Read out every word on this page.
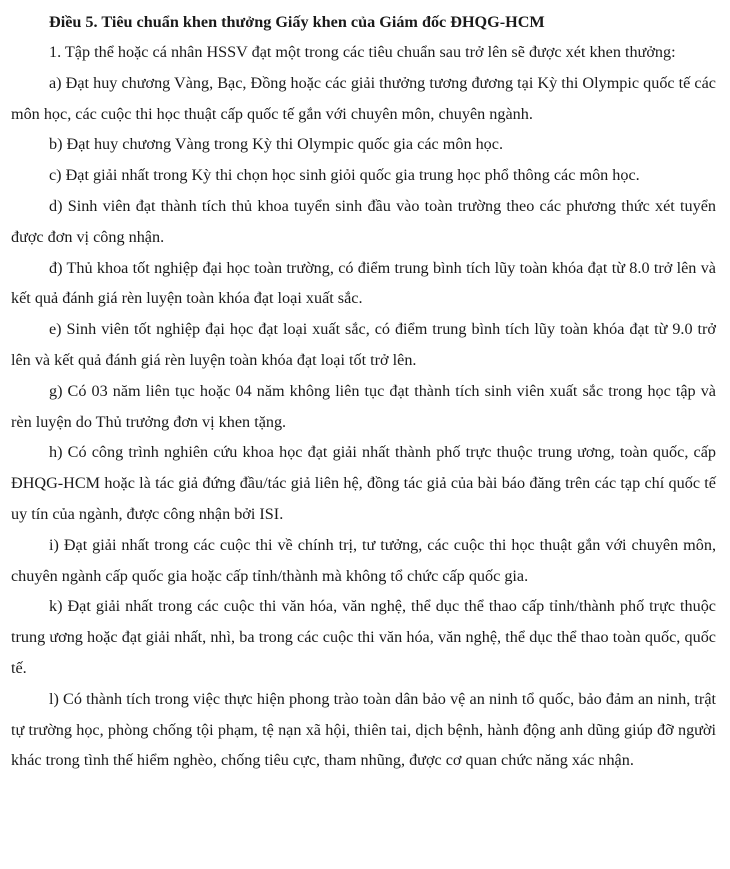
Điều 5. Tiêu chuẩn khen thưởng Giấy khen của Giám đốc ĐHQG-HCM

1. Tập thể hoặc cá nhân HSSV đạt một trong các tiêu chuẩn sau trở lên sẽ được xét khen thưởng:

a) Đạt huy chương Vàng, Bạc, Đồng hoặc các giải thưởng tương đương tại Kỳ thi Olympic quốc tế các môn học, các cuộc thi học thuật cấp quốc tế gắn với chuyên môn, chuyên ngành.

b) Đạt huy chương Vàng trong Kỳ thi Olympic quốc gia các môn học.

c) Đạt giải nhất trong Kỳ thi chọn học sinh giỏi quốc gia trung học phổ thông các môn học.

d) Sinh viên đạt thành tích thủ khoa tuyển sinh đầu vào toàn trường theo các phương thức xét tuyển được đơn vị công nhận.

đ) Thủ khoa tốt nghiệp đại học toàn trường, có điểm trung bình tích lũy toàn khóa đạt từ 8.0 trở lên và kết quả đánh giá rèn luyện toàn khóa đạt loại xuất sắc.

e) Sinh viên tốt nghiệp đại học đạt loại xuất sắc, có điểm trung bình tích lũy toàn khóa đạt từ 9.0 trở lên và kết quả đánh giá rèn luyện toàn khóa đạt loại tốt trở lên.

g) Có 03 năm liên tục hoặc 04 năm không liên tục đạt thành tích sinh viên xuất sắc trong học tập và rèn luyện do Thủ trưởng đơn vị khen tặng.

h) Có công trình nghiên cứu khoa học đạt giải nhất thành phố trực thuộc trung ương, toàn quốc, cấp ĐHQG-HCM hoặc là tác giả đứng đầu/tác giả liên hệ, đồng tác giả của bài báo đăng trên các tạp chí quốc tế uy tín của ngành, được công nhận bởi ISI.

i) Đạt giải nhất trong các cuộc thi về chính trị, tư tưởng, các cuộc thi học thuật gắn với chuyên môn, chuyên ngành cấp quốc gia hoặc cấp tỉnh/thành mà không tổ chức cấp quốc gia.

k) Đạt giải nhất trong các cuộc thi văn hóa, văn nghệ, thể dục thể thao cấp tỉnh/thành phố trực thuộc trung ương hoặc đạt giải nhất, nhì, ba trong các cuộc thi văn hóa, văn nghệ, thể dục thể thao toàn quốc, quốc tế.

l) Có thành tích trong việc thực hiện phong trào toàn dân bảo vệ an ninh tổ quốc, bảo đảm an ninh, trật tự trường học, phòng chống tội phạm, tệ nạn xã hội, thiên tai, dịch bệnh, hành động anh dũng giúp đỡ người khác trong tình thế hiểm nghèo, chống tiêu cực, tham nhũng, được cơ quan chức năng xác nhận.
